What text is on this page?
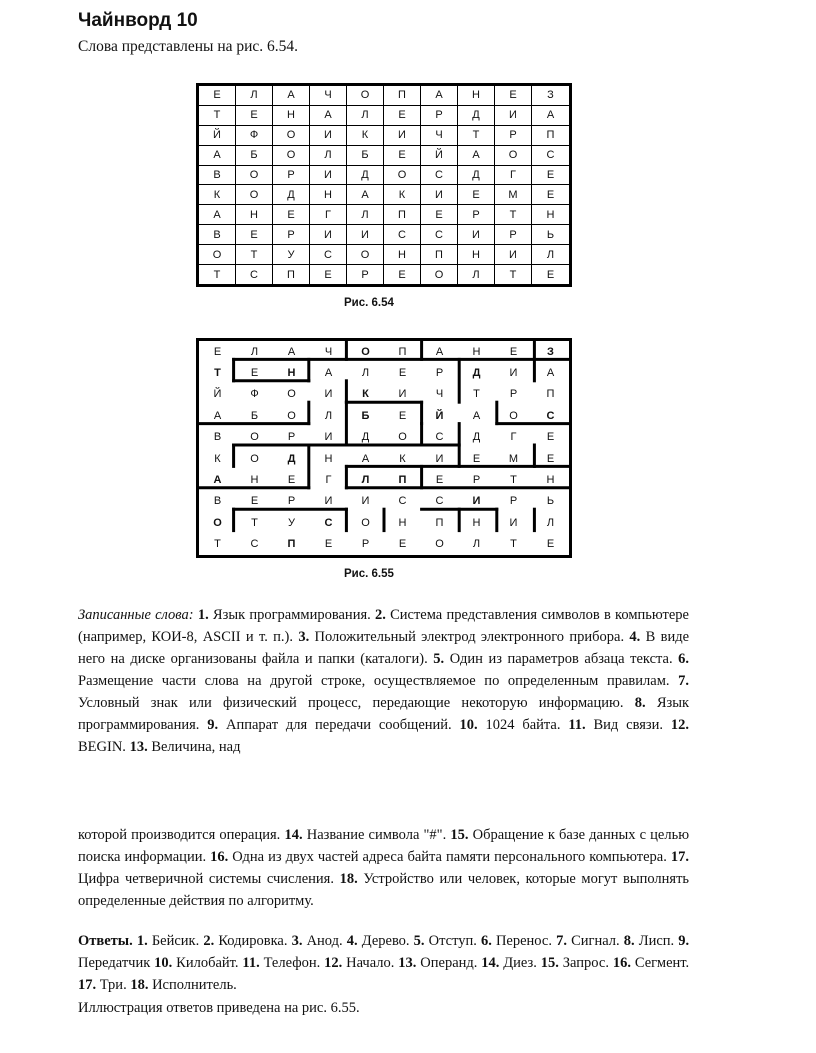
Чайнворд 10
Слова представлены на рис. 6.54.
Е	Л	А	Ч	О	П	А	Н	Е	З
Т	Е	Н	А	Л	Е	Р	Д	И	А
Й	Ф	О	И	К	И	Ч	Т	Р	П
А	Б	О	Л	Б	Е	Й	А	О	С
В	О	Р	И	Д	О	С	Д	Г	Е
К	О	Д	Н	А	К	И	Е	М	Е
А	Н	Е	Г	Л	П	Е	Р	Т	Н
В	Е	Р	И	И	С	С	И	Р	Ь
О	Т	У	С	О	Н	П	Н	И	Л
Т	С	П	Е	Р	Е	О	Л	Т	Е
Рис. 6.54
Е	Л	А	Ч	О	П	А	Н	Е	З
Т	Е	Н	А	Л	Е	Р	Д	И	А
Й	Ф	О	И	К	И	Ч	Т	Р	П
А	Б	О	Л	Б	Е	Й	А	О	С
В	О	Р	И	Д	О	С	Д	Г	Е
К	О	Д	Н	А	К	И	Е	М	Е
А	Н	Е	Г	Л	П	Е	Р	Т	Н
В	Е	Р	И	И	С	С	И	Р	Ь
О	Т	У	С	О	Н	П	Н	И	Л
Т	С	П	Е	Р	Е	О	Л	Т	Е
Рис. 6.55
Записанные слова: 1. Язык программирования. 2. Система представления символов в компьютере (например, КОИ-8, ASCII и т. п.). 3. Положительный электрод электронного прибора. 4. В виде него на диске организованы файла и папки (каталоги). 5. Один из параметров абзаца текста. 6. Размещение части слова на другой строке, осуществляемое по определенным правилам. 7. Условный знак или физический процесс, передающие некоторую информацию. 8. Язык программирования. 9. Аппарат для передачи сообщений. 10. 1024 байта. 11. Вид связи. 12. BEGIN. 13. Величина, над
которой производится операция. 14. Название символа "#". 15. Обращение к базе данных с целью поиска информации. 16. Одна из двух частей адреса байта памяти персонального компьютера. 17. Цифра четверичной системы счисления. 18. Устройство или человек, которые могут выполнять определенные действия по алгоритму.
Ответы. 1. Бейсик. 2. Кодировка. 3. Анод. 4. Дерево. 5. Отступ. 6. Перенос. 7. Сигнал. 8. Лисп. 9. Передатчик 10. Килобайт. 11. Телефон. 12. Начало. 13. Операнд. 14. Диез. 15. Запрос. 16. Сегмент. 17. Три. 18. Исполнитель.
Иллюстрация ответов приведена на рис. 6.55.
